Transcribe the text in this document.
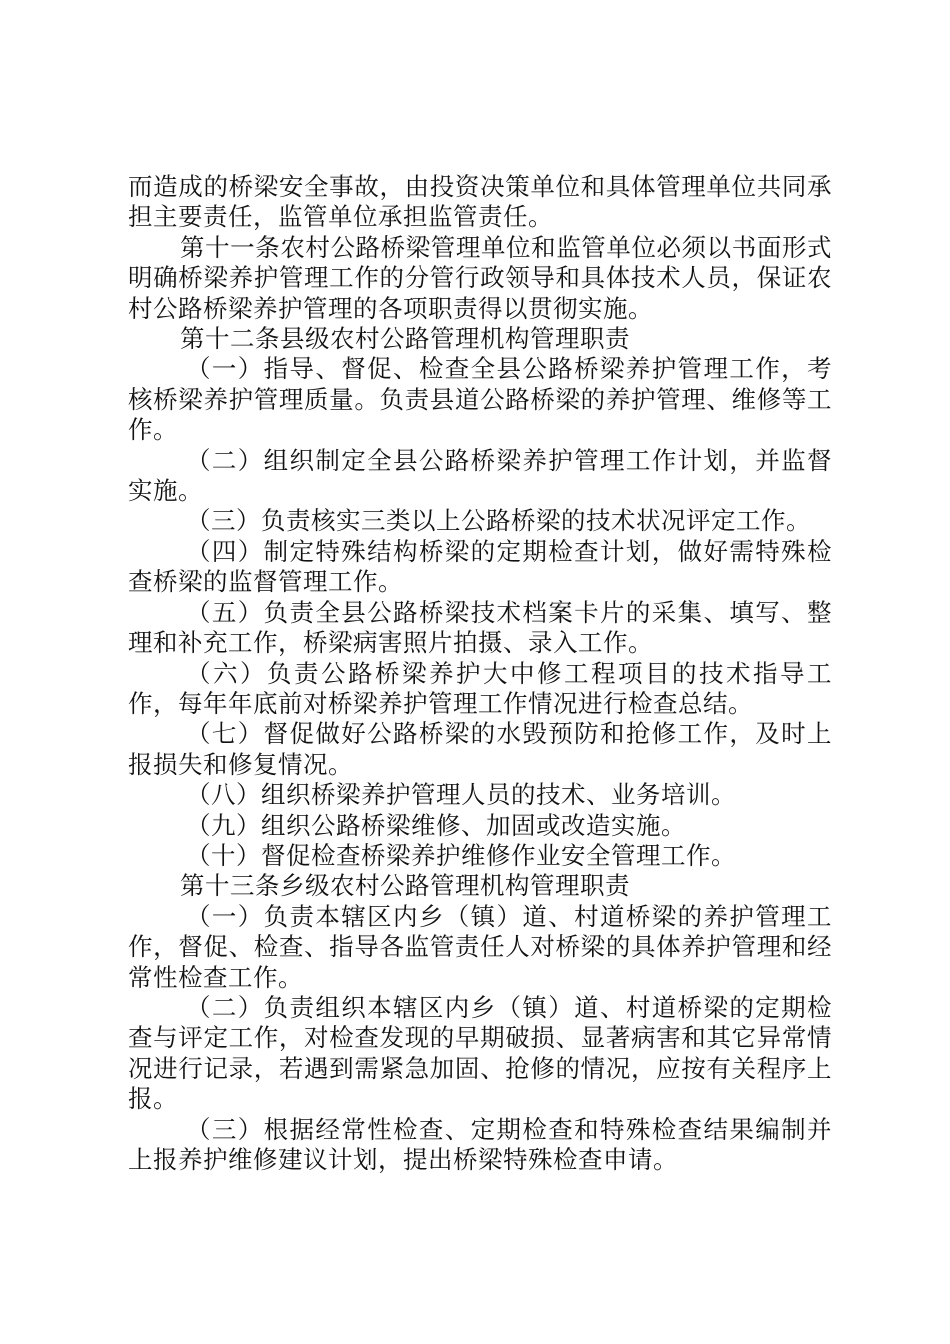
而造成的桥梁安全事故，由投资决策单位和具体管理单位共同承担主要责任，监管单位承担监管责任。

第十一条农村公路桥梁管理单位和监管单位必须以书面形式明确桥梁养护管理工作的分管行政领导和具体技术人员，保证农村公路桥梁养护管理的各项职责得以贯彻实施。

第十二条县级农村公路管理机构管理职责

（一）指导、督促、检查全县公路桥梁养护管理工作，考核桥梁养护管理质量。负责县道公路桥梁的养护管理、维修等工作。

（二）组织制定全县公路桥梁养护管理工作计划，并监督实施。

（三）负责核实三类以上公路桥梁的技术状况评定工作。

（四）制定特殊结构桥梁的定期检查计划，做好需特殊检查桥梁的监督管理工作。

（五）负责全县公路桥梁技术档案卡片的采集、填写、整理和补充工作，桥梁病害照片拍摄、录入工作。

（六）负责公路桥梁养护大中修工程项目的技术指导工作，每年年底前对桥梁养护管理工作情况进行检查总结。

（七）督促做好公路桥梁的水毁预防和抢修工作，及时上报损失和修复情况。

（八）组织桥梁养护管理人员的技术、业务培训。

（九）组织公路桥梁维修、加固或改造实施。

（十）督促检查桥梁养护维修作业安全管理工作。

第十三条乡级农村公路管理机构管理职责

（一）负责本辖区内乡（镇）道、村道桥梁的养护管理工作，督促、检查、指导各监管责任人对桥梁的具体养护管理和经常性检查工作。

（二）负责组织本辖区内乡（镇）道、村道桥梁的定期检查与评定工作，对检查发现的早期破损、显著病害和其它异常情况进行记录，若遇到需紧急加固、抢修的情况，应按有关程序上报。

（三）根据经常性检查、定期检查和特殊检查结果编制并上报养护维修建议计划，提出桥梁特殊检查申请。
